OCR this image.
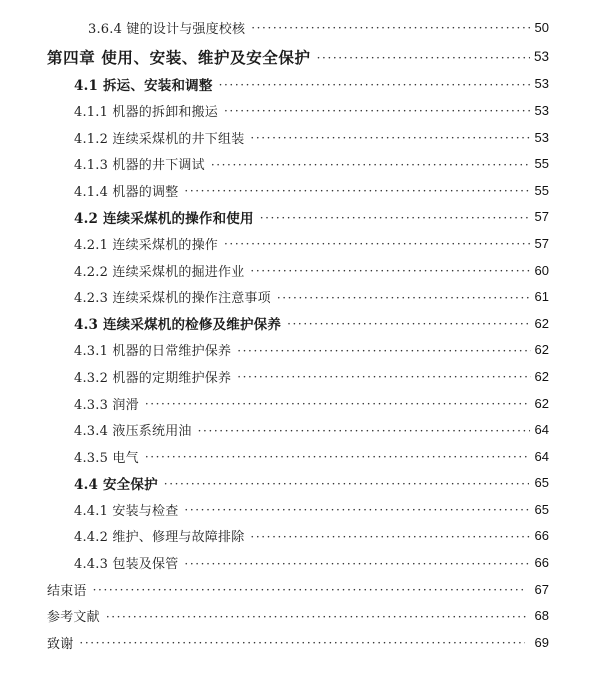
3.6.4 键的设计与强度校核 ·····	50
第四章 使用、安装、维护及安全保护 ·····	53
4.1 拆运、安装和调整 ·····	53
4.1.1 机器的拆卸和搬运 ·····	53
4.1.2 连续采煤机的井下组装 ·····	53
4.1.3 机器的井下调试 ·····	55
4.1.4 机器的调整 ·····	55
4.2 连续采煤机的操作和使用 ·····	57
4.2.1 连续采煤机的操作 ·····	57
4.2.2 连续采煤机的掘进作业 ·····	60
4.2.3 连续采煤机的操作注意事项 ·····	61
4.3 连续采煤机的检修及维护保养 ·····	62
4.3.1 机器的日常维护保养 ·····	62
4.3.2 机器的定期维护保养 ·····	62
4.3.3 润滑 ·····	62
4.3.4 液压系统用油 ·····	64
4.3.5 电气 ·····	64
4.4 安全保护 ·····	65
4.4.1 安装与检查 ·····	65
4.4.2 维护、修理与故障排除 ·····	66
4.4.3 包装及保管 ·····	66
结束语 ·····	67
参考文献 ·····	68
致谢 ·····	69
